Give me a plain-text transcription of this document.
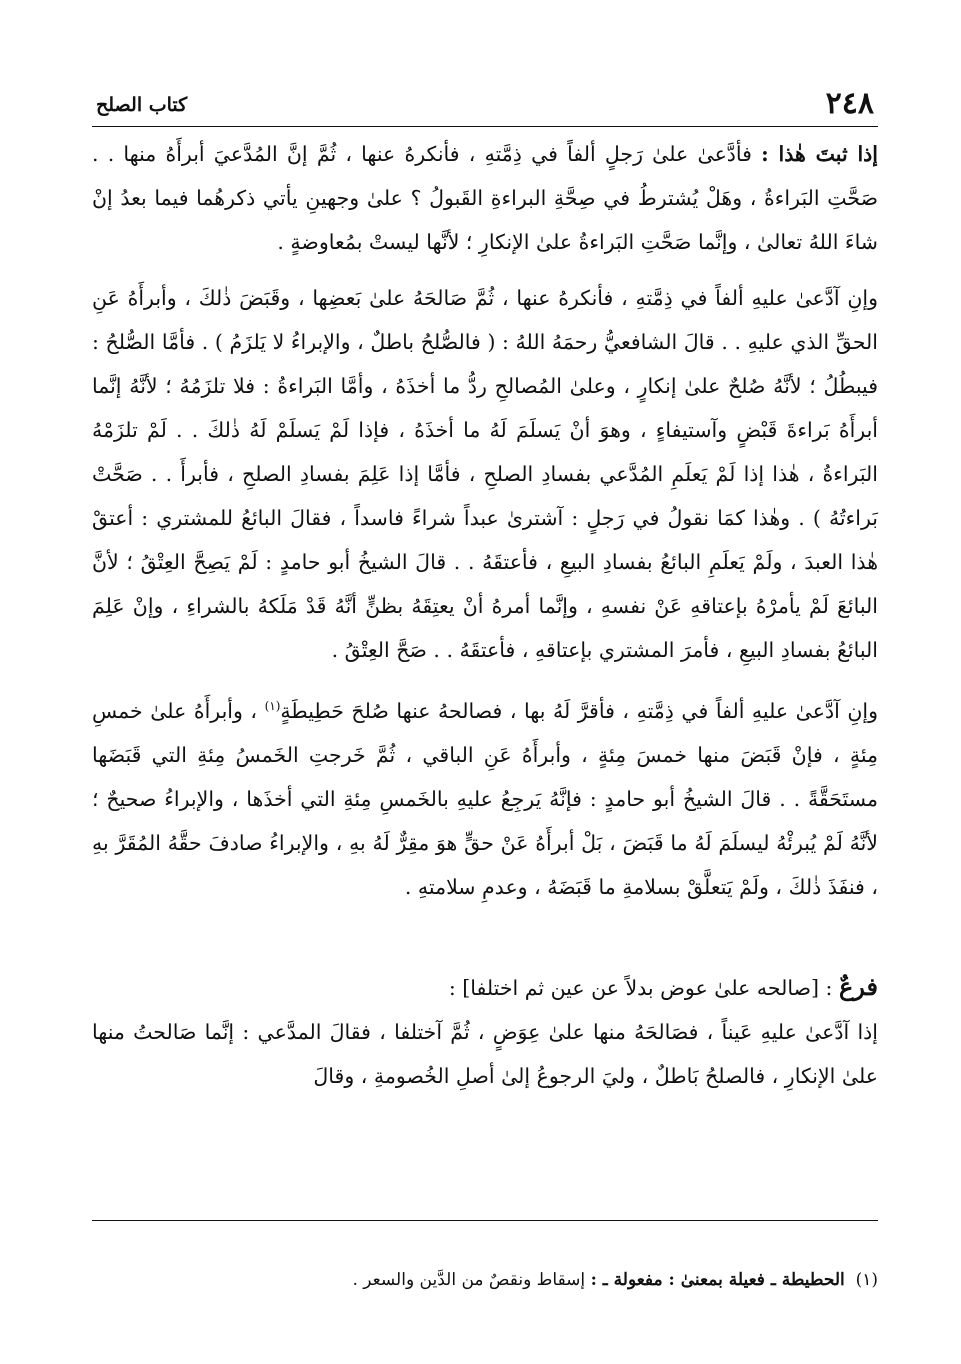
٢٤٨
كتاب الصلح

إذا ثبتَ هٰذا : فأدَّعىٰ علىٰ رَجلٍ ألفاً في ذِمَّتهِ ، فأنكرهُ عنها ، ثُمَّ إنَّ المُدَّعيَ أبرأَهُ منها . . صَحَّتِ البَراءةُ ، وهَلْ يُشترطُ في صِحَّةِ البراءةِ القَبولُ ؟ علىٰ وجهينِ يأتي ذكرهُما فيما بعدُ إنْ شاءَ اللهُ تعالىٰ ، وإنَّما صَحَّتِ البَراءةُ علىٰ الإنكارِ ؛ لأنَّها ليستْ بمُعاوضةٍ .

وإنِ آدَّعىٰ عليهِ ألفاً في ذِمَّتهِ ، فأنكرهُ عنها ، ثُمَّ صَالحَهُ علىٰ بَعضِها ، وقَبَضَ ذٰلكَ ، وأبرأَهُ عَنِ الحقِّ الذي عليهِ . . قالَ الشافعيُّ رحمَهُ اللهُ : ( فالصُّلحُ باطلٌ ، والإبراءُ لا يَلزَمُ ) . فأمَّا الصُّلحُ : فيبطُلُ ؛ لأنَّهُ صُلحٌ علىٰ إنكارٍ ، وعلىٰ المُصالحِ ردُّ ما أخذَهُ ، وأمَّا البَراءةُ : فلا تلزَمُهُ ؛ لأنَّهُ إنَّما أبرأَهُ بَراءةَ قَبْضٍ وآستيفاءٍ ، وهوَ أنْ يَسلَمَ لَهُ ما أخذَهُ ، فإذا لَمْ يَسلَمْ لَهُ ذٰلكَ . . لَمْ تلزَمْهُ البَراءةُ ، هٰذا إذا لَمْ يَعلَمِ المُدَّعي بفسادِ الصلحِ ، فأمَّا إذا عَلِمَ بفسادِ الصلحِ ، فأبرأَ . . صَحَّتْ بَراءتُهُ ) . وهٰذا كمَا نقولُ في رَجلٍ : آشترىٰ عبداً شراءً فاسداً ، فقالَ البائعُ للمشتري : أعتقْ هٰذا العبدَ ، ولَمْ يَعلَمِ البائعُ بفسادِ البيعِ ، فأعتقَهُ . . قالَ الشيخُ أبو حامدٍ : لَمْ يَصِحَّ العِتْقُ ؛ لأنَّ البائعَ لَمْ يأمرْهُ بإعتاقهِ عَنْ نفسهِ ، وإنَّما أمرهُ أنْ يعتِقَهُ بظنٍّ أنَّهُ قَدْ مَلَكهُ بالشراءِ ، وإنْ عَلِمَ البائعُ بفسادِ البيعِ ، فأمرَ المشتري بإعتاقهِ ، فأعتقَهُ . . صَحَّ العِتْقُ .

وإنِ آدَّعىٰ عليهِ ألفاً في ذِمَّتهِ ، فأقرَّ لَهُ بها ، فصالحهُ عنها صُلحَ حَطِيطَةٍ$^{(١)}$ ، وأبرأَهُ علىٰ خمسِ مِئةٍ ، فإنْ قَبَضَ منها خمسَ مِئةٍ ، وأبرأَهُ عَنِ الباقي ، ثُمَّ خَرجتِ الخَمسُ مِئةِ التي قَبَضَها مستَحَقَّةً . . قالَ الشيخُ أبو حامدٍ : فإنَّهُ يَرجِعُ عليهِ بالخَمسِ مِئةِ التي أخذَها ، والإبراءُ صحيحٌ ؛ لأنَّهُ لَمْ يُبرئْهُ ليسلَمَ لَهُ ما قَبَضَ ، بَلْ أبرأَهُ عَنْ حقٍّ هوَ مقِرٌّ لَهُ بهِ ، والإبراءُ صادفَ حقَّهُ المُقَرَّ بهِ ، فنفَذَ ذٰلكَ ، ولَمْ يَتعلَّقْ بسلامةِ ما قَبَضَهُ ، وعدمِ سلامتهِ .

فرعٌ : [صالحه علىٰ عوض بدلاً عن عين ثم اختلفا] :

إذا آدَّعىٰ عليهِ عَيناً ، فصَالحَهُ منها علىٰ عِوَضٍ ، ثُمَّ آختلفا ، فقالَ المدَّعي : إنَّما صَالحتُ منها علىٰ الإنكارِ ، فالصلحُ بَاطلٌ ، وليَ الرجوعُ إلىٰ أصلِ الخُصومةِ ، وقالَ

(١)  الحطيطة ـ فعيلة بمعنىٰ : مفعولة ـ : إسقاط ونقصٌ من الدَّين والسعر .
